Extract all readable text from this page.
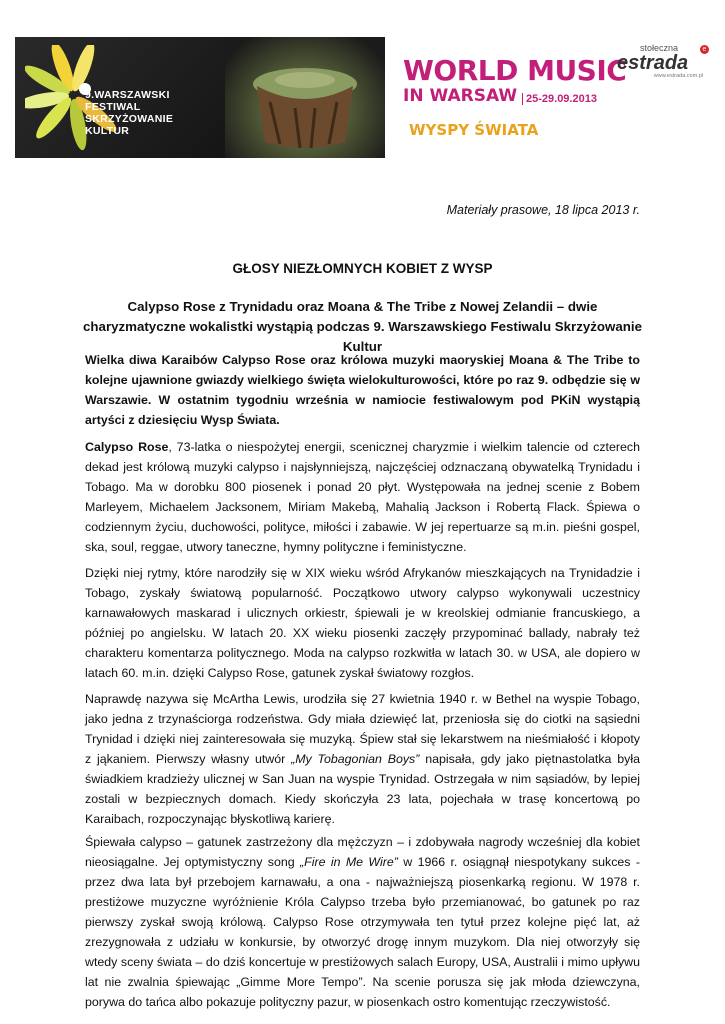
9.WARSZAWSKI
FESTIWAL
SKRZYŻOWANIE
KULTUR
WORLD MUSIC
IN WARSAW 25-29.09.2013
WYSPY ŚWIATA
stołeczna
estrada
www.estrada.com.pl
e
Materiały prasowe, 18 lipca 2013 r.
GŁOSY NIEZŁOMNYCH KOBIET Z WYSP
Calypso Rose z Trynidadu oraz Moana & The Tribe z Nowej Zelandii – dwie charyzmatyczne wokalistki wystąpią podczas 9. Warszawskiego Festiwalu Skrzyżowanie Kultur
Wielka diwa Karaibów Calypso Rose oraz królowa muzyki maoryskiej Moana & The Tribe to kolejne ujawnione gwiazdy wielkiego święta wielokulturowości, które po raz 9. odbędzie się w Warszawie. W ostatnim tygodniu września w namiocie festiwalowym pod PKiN wystąpią artyści z dziesięciu Wysp Świata.
Calypso Rose, 73-latka o niespożytej energii, scenicznej charyzmie i wielkim talencie od czterech dekad jest królową muzyki calypso i najsłynniejszą, najczęściej odznaczaną obywatelką Trynidadu i Tobago. Ma w dorobku 800 piosenek i ponad 20 płyt. Występowała na jednej scenie z Bobem Marleyem, Michaelem Jacksonem, Miriam Makebą, Mahalią Jackson i Robertą Flack. Śpiewa o codziennym życiu, duchowości, polityce, miłości i zabawie. W jej repertuarze są m.in. pieśni gospel, ska, soul, reggae, utwory taneczne, hymny polityczne i feministyczne.
Dzięki niej rytmy, które narodziły się w XIX wieku wśród Afrykanów mieszkających na Trynidadzie i Tobago, zyskały światową popularność. Początkowo utwory calypso wykonywali uczestnicy karnawałowych maskarad i ulicznych orkiestr, śpiewali je w kreolskiej odmianie francuskiego, a później po angielsku. W latach 20. XX wieku piosenki zaczęły przypominać ballady, nabrały też charakteru komentarza politycznego. Moda na calypso rozkwitła w latach 30. w USA, ale dopiero w latach 60. m.in. dzięki Calypso Rose, gatunek zyskał światowy rozgłos.
Naprawdę nazywa się McArtha Lewis, urodziła się 27 kwietnia 1940 r. w Bethel na wyspie Tobago, jako jedna z trzynaściorga rodzeństwa. Gdy miała dziewięć lat, przeniosła się do ciotki na sąsiedni Trynidad i dzięki niej zainteresowała się muzyką. Śpiew stał się lekarstwem na nieśmiałość i kłopoty z jąkaniem. Pierwszy własny utwór „My Tobagonian Boys” napisała, gdy jako piętnastolatka była świadkiem kradzieży ulicznej w San Juan na wyspie Trynidad. Ostrzegała w nim sąsiadów, by lepiej zostali w bezpiecznych domach. Kiedy skończyła 23 lata, pojechała w trasę koncertową po Karaibach, rozpoczynając błyskotliwą karierę.
Śpiewała calypso – gatunek zastrzeżony dla mężczyzn – i zdobywała nagrody wcześniej dla kobiet nieosiągalne. Jej optymistyczny song „Fire in Me Wire” w 1966 r. osiągnął niespotykany sukces - przez dwa lata był przebojem karnawału, a ona - najważniejszą piosenkarką regionu. W 1978 r. prestiżowe muzyczne wyróżnienie Króla Calypso trzeba było przemianować, bo gatunek po raz pierwszy zyskał swoją królową. Calypso Rose otrzymywała ten tytuł przez kolejne pięć lat, aż zrezygnowała z udziału w konkursie, by otworzyć drogę innym muzykom. Dla niej otworzyły się wtedy sceny świata – do dziś koncertuje w prestiżowych salach Europy, USA, Australii i mimo upływu lat nie zwalnia śpiewając „Gimme More Tempo”. Na scenie porusza się jak młoda dziewczyna, porywa do tańca albo pokazuje polityczny pazur, w piosenkach ostro komentując rzeczywistość.
